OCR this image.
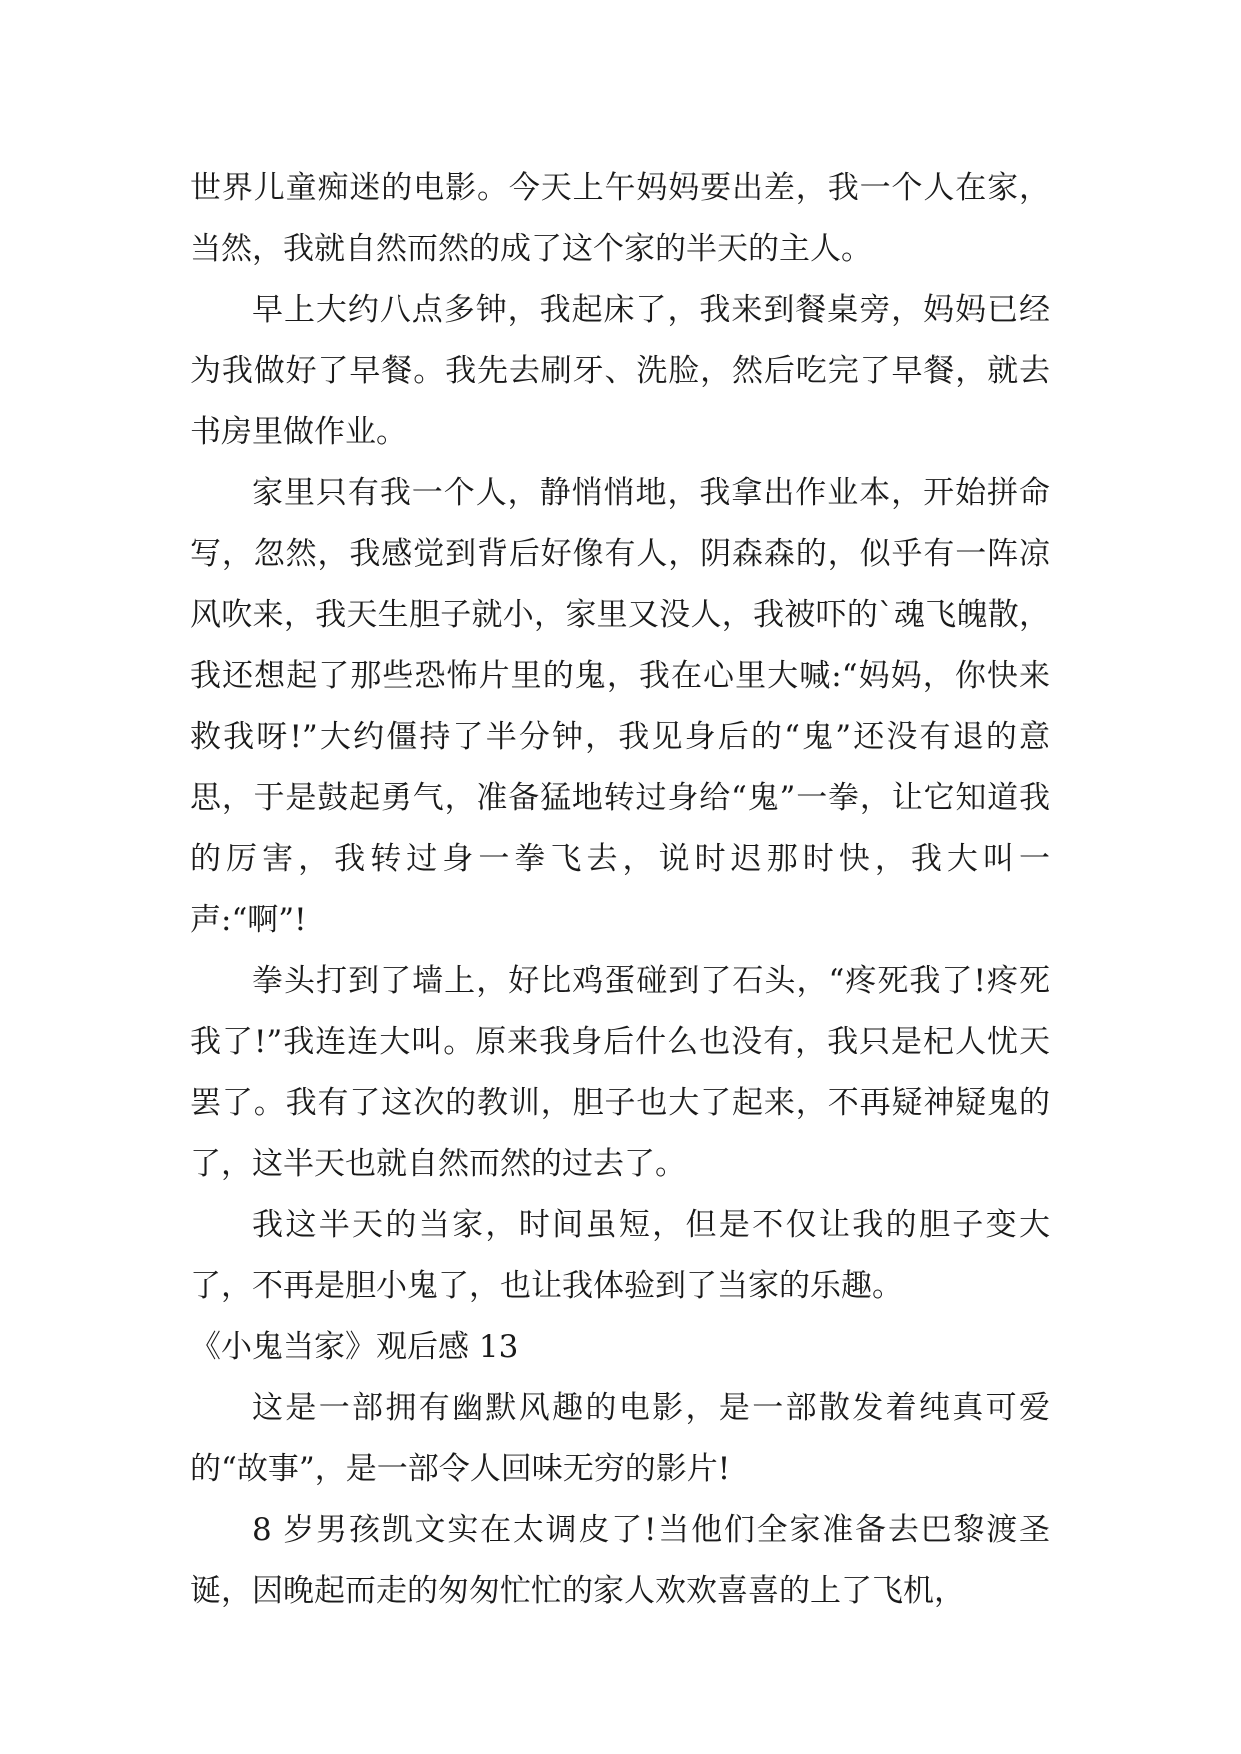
世界儿童痴迷的电影。今天上午妈妈要出差，我一个人在家，当然，我就自然而然的成了这个家的半天的主人。

早上大约八点多钟，我起床了，我来到餐桌旁，妈妈已经为我做好了早餐。我先去刷牙、洗脸，然后吃完了早餐，就去书房里做作业。

家里只有我一个人，静悄悄地，我拿出作业本，开始拼命写，忽然，我感觉到背后好像有人，阴森森的，似乎有一阵凉风吹来，我天生胆子就小，家里又没人，我被吓的`魂飞魄散，我还想起了那些恐怖片里的鬼，我在心里大喊:“妈妈，你快来救我呀!”大约僵持了半分钟，我见身后的“鬼”还没有退的意思，于是鼓起勇气，准备猛地转过身给“鬼”一拳，让它知道我的厉害，我转过身一拳飞去，说时迟那时快，我大叫一声:“啊”!

拳头打到了墙上，好比鸡蛋碰到了石头，“疼死我了!疼死我了!”我连连大叫。原来我身后什么也没有，我只是杞人忧天罢了。我有了这次的教训，胆子也大了起来，不再疑神疑鬼的了，这半天也就自然而然的过去了。

我这半天的当家，时间虽短，但是不仅让我的胆子变大了，不再是胆小鬼了，也让我体验到了当家的乐趣。

《小鬼当家》观后感 13

这是一部拥有幽默风趣的电影，是一部散发着纯真可爱的“故事”，是一部令人回味无穷的影片!

8 岁男孩凯文实在太调皮了!当他们全家准备去巴黎渡圣诞，因晚起而走的匆匆忙忙的家人欢欢喜喜的上了飞机，
